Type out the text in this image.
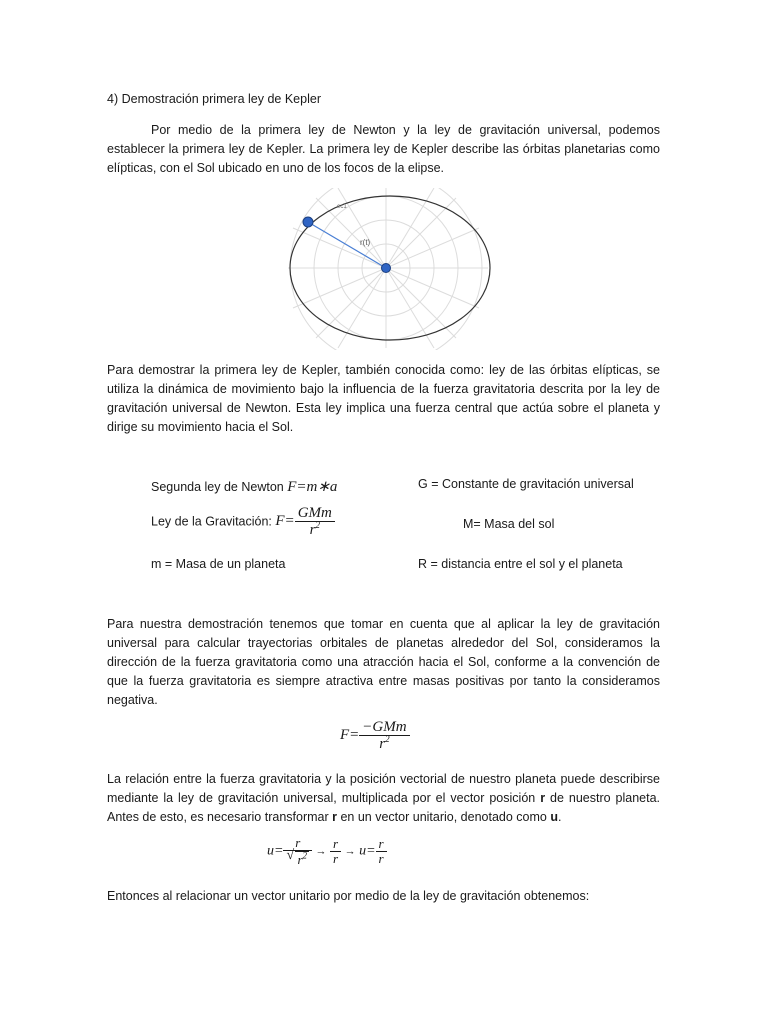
4) Demostración primera ley de Kepler

Por medio de la primera ley de Newton y la ley de gravitación universal, podemos establecer la primera ley de Kepler. La primera ley de Kepler describe las órbitas planetarias como elípticas, con el Sol ubicado en uno de los focos de la elipse.

r(t)
ec1

Para demostrar la primera ley de Kepler, también conocida como: ley de las órbitas elípticas, se utiliza la dinámica de movimiento bajo la influencia de la fuerza gravitatoria descrita por la ley de gravitación universal de Newton. Esta ley implica una fuerza central que actúa sobre el planeta y dirige su movimiento hacia el Sol.

Segunda ley de Newton F=m∗a	G = Constante de gravitación universal
Ley de la Gravitación: $F= \frac{\text{GMm}}{r^2}$	M= Masa del sol
m = Masa de un planeta	R = distancia entre el sol y el planeta

Para nuestra demostración tenemos que tomar en cuenta que al aplicar la ley de gravitación universal para calcular trayectorias orbitales de planetas alrededor del Sol, consideramos la dirección de la fuerza gravitatoria como una atracción hacia el Sol, conforme a la convención de que la fuerza gravitatoria es siempre atractiva entre masas positivas por tanto la consideramos negativa.

$F= \frac{\text{−GMm}}{r^2}$

La relación entre la fuerza gravitatoria y la posición vectorial de nuestro planeta puede describirse mediante la ley de gravitación universal, multiplicada por el vector posición r de nuestro planeta. Antes de esto, es necesario transformar r en un vector unitario, denotado como u.

$u= \frac{r}{√ r^2} \to \frac{r}{r} \to u= \frac{r}{r}$

Entonces al relacionar un vector unitario por medio de la ley de gravitación obtenemos:
